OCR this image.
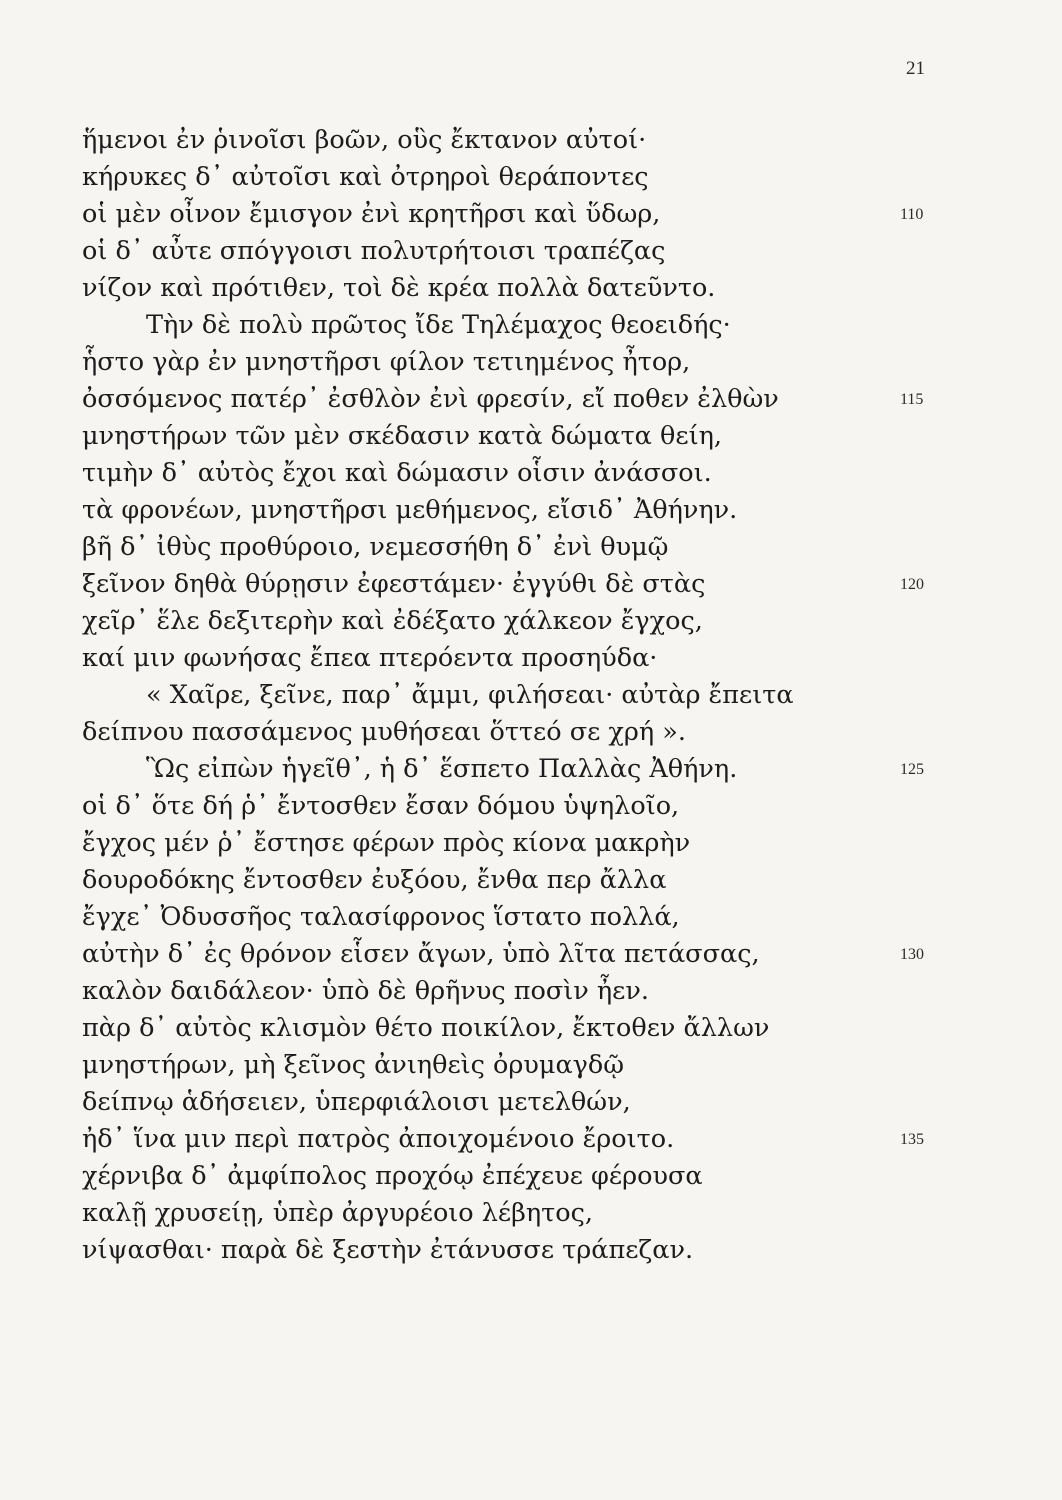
21
ἥμενοι ἐν ῥινοῖσι βοῶν, οὓς ἔκτανον αὐτοί·
κήρυκες δ᾽ αὐτοῖσι καὶ ὀτρηροὶ θεράποντες
οἱ μὲν οἶνον ἔμισγον ἐνὶ κρητῆρσι καὶ ὕδωρ,	110
οἱ δ᾽ αὖτε σπόγγοισι πολυτρήτοισι τραπέζας
νίζον καὶ πρότιθεν, τοὶ δὲ κρέα πολλὰ δατεῦντο.
Τὴν δὲ πολὺ πρῶτος ἴδε Τηλέμαχος θεοειδής·
ἧστο γὰρ ἐν μνηστῆρσι φίλον τετιημένος ἦτορ,
ὀσσόμενος πατέρ᾽ ἐσθλὸν ἐνὶ φρεσίν, εἴ ποθεν ἐλθὼν	115
μνηστήρων τῶν μὲν σκέδασιν κατὰ δώματα θείη,
τιμὴν δ᾽ αὐτὸς ἔχοι καὶ δώμασιν οἷσιν ἀνάσσοι.
τὰ φρονέων, μνηστῆρσι μεθήμενος, εἴσιδ᾽ Ἀθήνην.
βῆ δ᾽ ἰθὺς προθύροιο, νεμεσσήθη δ᾽ ἐνὶ θυμῷ
ξεῖνον δηθὰ θύρῃσιν ἐφεστάμεν· ἐγγύθι δὲ στὰς	120
χεῖρ᾽ ἕλε δεξιτερὴν καὶ ἐδέξατο χάλκεον ἔγχος,
καί μιν φωνήσας ἔπεα πτερόεντα προσηύδα·
« Χαῖρε, ξεῖνε, παρ᾽ ἄμμι, φιλήσεαι· αὐτὰρ ἔπειτα
δείπνου πασσάμενος μυθήσεαι ὅττεό σε χρή ».
Ὣς εἰπὼν ἡγεῖθ᾽, ἡ δ᾽ ἕσπετο Παλλὰς Ἀθήνη.	125
οἱ δ᾽ ὅτε δή ῥ᾽ ἔντοσθεν ἔσαν δόμου ὑψηλοῖο,
ἔγχος μέν ῥ᾽ ἔστησε φέρων πρὸς κίονα μακρὴν
δουροδόκης ἔντοσθεν ἐυξόου, ἔνθα περ ἄλλα
ἔγχε᾽ Ὀδυσσῆος ταλασίφρονος ἵστατο πολλά,
αὐτὴν δ᾽ ἐς θρόνον εἷσεν ἄγων, ὑπὸ λῖτα πετάσσας,	130
καλὸν δαιδάλεον· ὑπὸ δὲ θρῆνυς ποσὶν ἦεν.
πὰρ δ᾽ αὐτὸς κλισμὸν θέτο ποικίλον, ἔκτοθεν ἄλλων
μνηστήρων, μὴ ξεῖνος ἀνιηθεὶς ὀρυμαγδῷ
δείπνῳ ἁδήσειεν, ὑπερφιάλοισι μετελθών,
ἠδ᾽ ἵνα μιν περὶ πατρὸς ἀποιχομένοιο ἔροιτο.	135
χέρνιβα δ᾽ ἀμφίπολος προχόῳ ἐπέχευε φέρουσα
καλῇ χρυσείῃ, ὑπὲρ ἀργυρέοιο λέβητος,
νίψασθαι· παρὰ δὲ ξεστὴν ἐτάνυσσε τράπεζαν.
